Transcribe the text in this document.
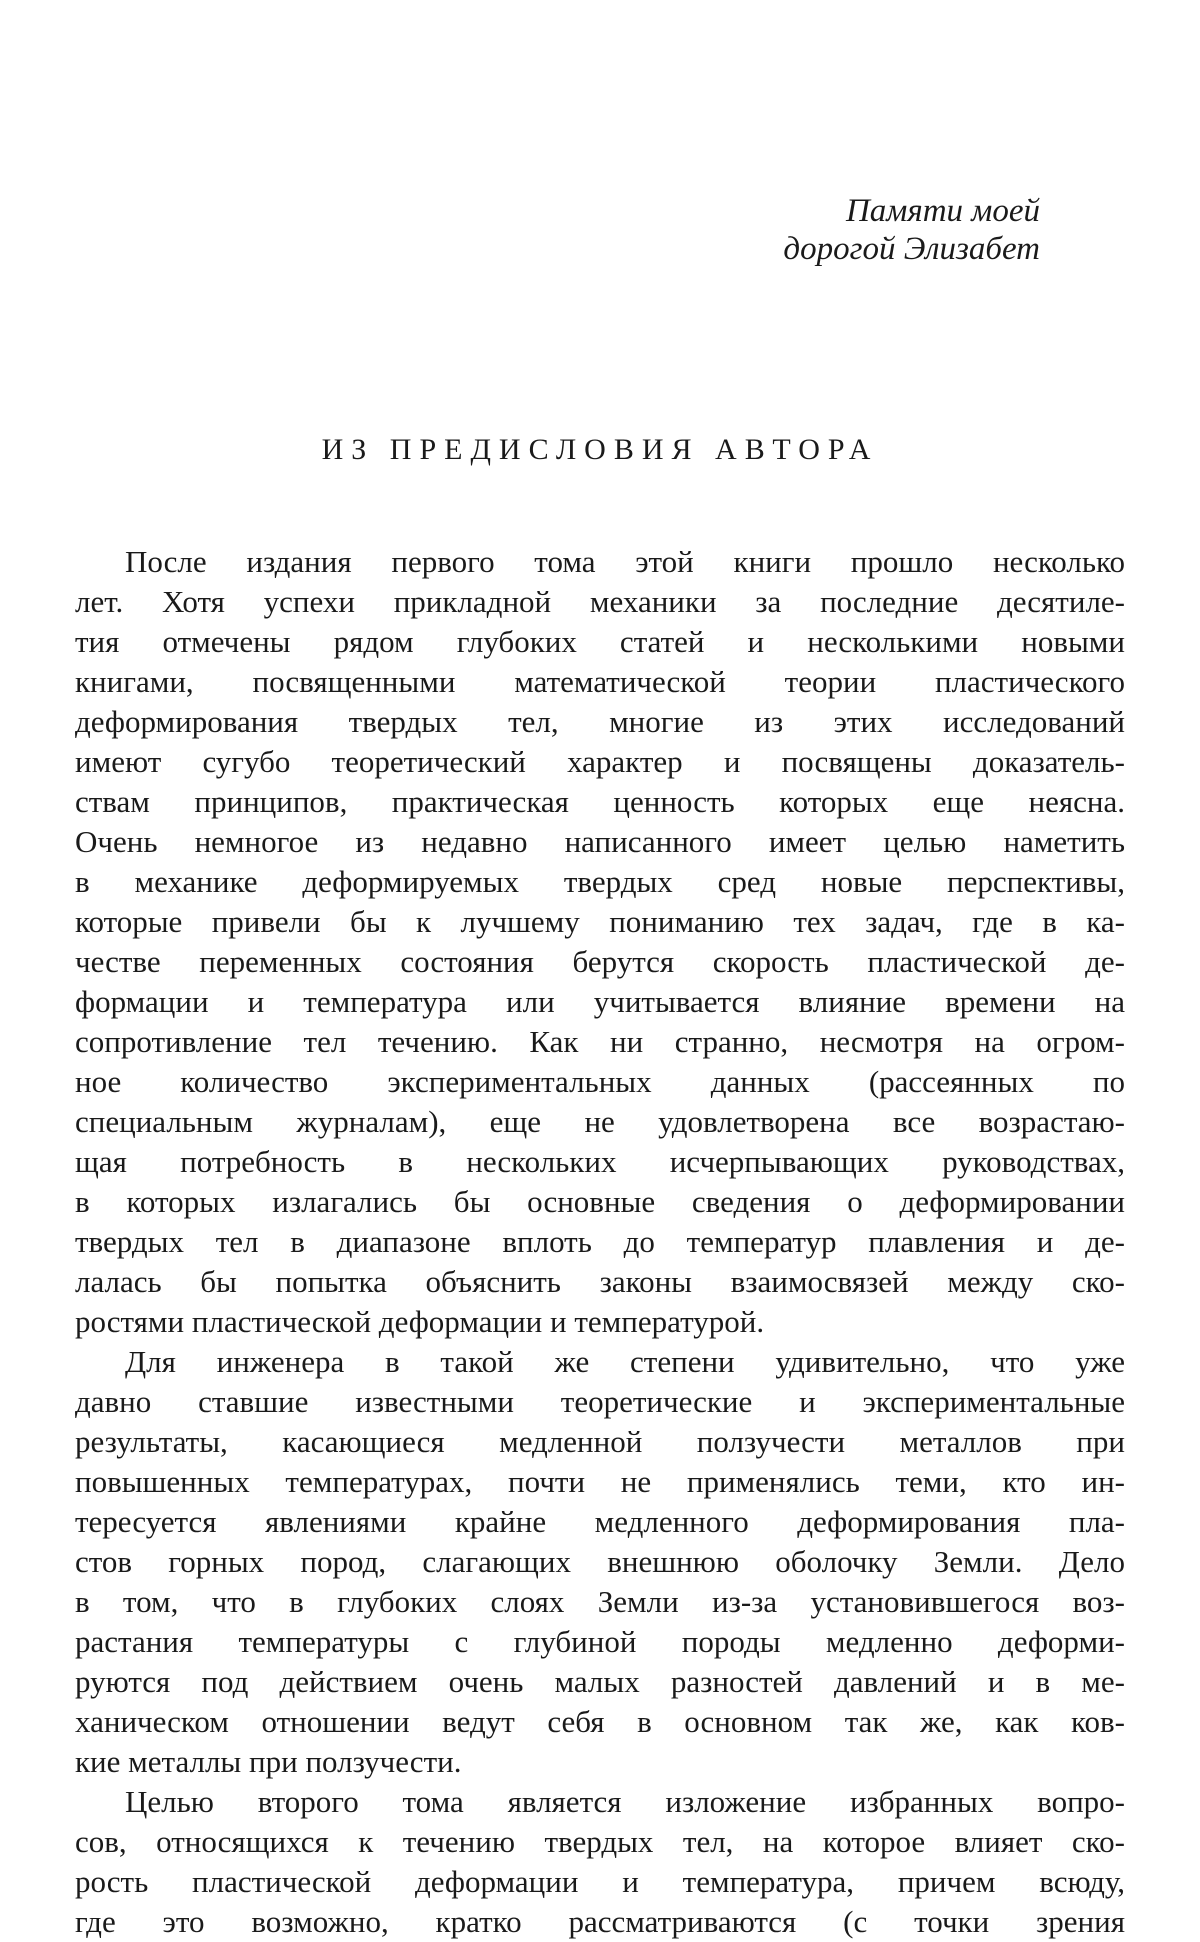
Памяти моей
дорогой Элизабет
ИЗ ПРЕДИСЛОВИЯ АВТОРА
После издания первого тома этой книги прошло несколько
лет. Хотя успехи прикладной механики за последние десятиле-
тия отмечены рядом глубоких статей и несколькими новыми
книгами, посвященными математической теории пластического
деформирования твердых тел, многие из этих исследований
имеют сугубо теоретический характер и посвящены доказатель-
ствам принципов, практическая ценность которых еще неясна.
Очень немногое из недавно написанного имеет целью наметить
в механике деформируемых твердых сред новые перспективы,
которые привели бы к лучшему пониманию тех задач, где в ка-
честве переменных состояния берутся скорость пластической де-
формации и температура или учитывается влияние времени на
сопротивление тел течению. Как ни странно, несмотря на огром-
ное количество экспериментальных данных (рассеянных по
специальным журналам), еще не удовлетворена все возрастаю-
щая потребность в нескольких исчерпывающих руководствах,
в которых излагались бы основные сведения о деформировании
твердых тел в диапазоне вплоть до температур плавления и де-
лалась бы попытка объяснить законы взаимосвязей между ско-
ростями пластической деформации и температурой.
Для инженера в такой же степени удивительно, что уже
давно ставшие известными теоретические и экспериментальные
результаты, касающиеся медленной ползучести металлов при
повышенных температурах, почти не применялись теми, кто ин-
тересуется явлениями крайне медленного деформирования пла-
стов горных пород, слагающих внешнюю оболочку Земли. Дело
в том, что в глубоких слоях Земли из-за установившегося воз-
растания температуры с глубиной породы медленно деформи-
руются под действием очень малых разностей давлений и в ме-
ханическом отношении ведут себя в основном так же, как ков-
кие металлы при ползучести.
Целью второго тома является изложение избранных вопро-
сов, относящихся к течению твердых тел, на которое влияет ско-
рость пластической деформации и температура, причем всюду,
где это возможно, кратко рассматриваются (с точки зрения
